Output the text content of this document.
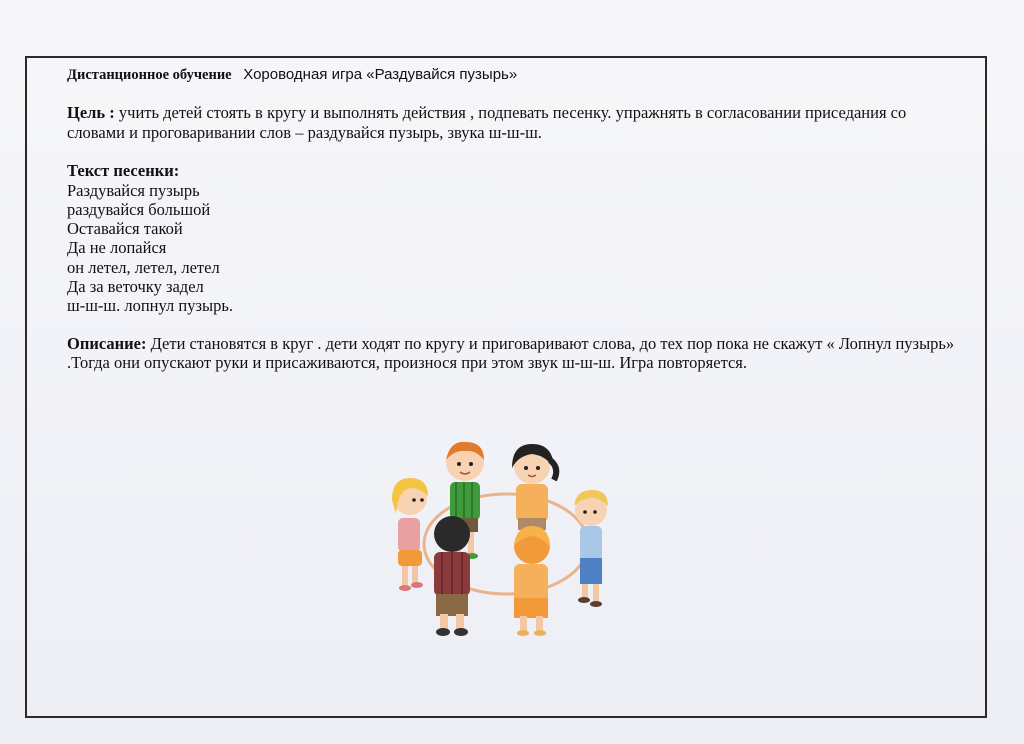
Дистанционное обучение Хороводная игра «Раздувайся пузырь»

Цель : учить детей стоять в кругу и выполнять действия , подпевать песенку. упражнять в согласовании приседания со словами и проговаривании слов – раздувайся пузырь, звука ш-ш-ш.

Текст песенки:

Раздувайся пузырь
раздувайся большой
Оставайся такой
Да не лопайся
он летел, летел, летел
Да за веточку задел
ш-ш-ш. лопнул пузырь.

Описание: Дети становятся в круг . дети ходят по кругу и приговаривают слова, до тех пор пока не скажут « Лопнул пузырь» .Тогда они опускают руки и присаживаются, произнося при этом звук ш-ш-ш. Игра повторяется.
